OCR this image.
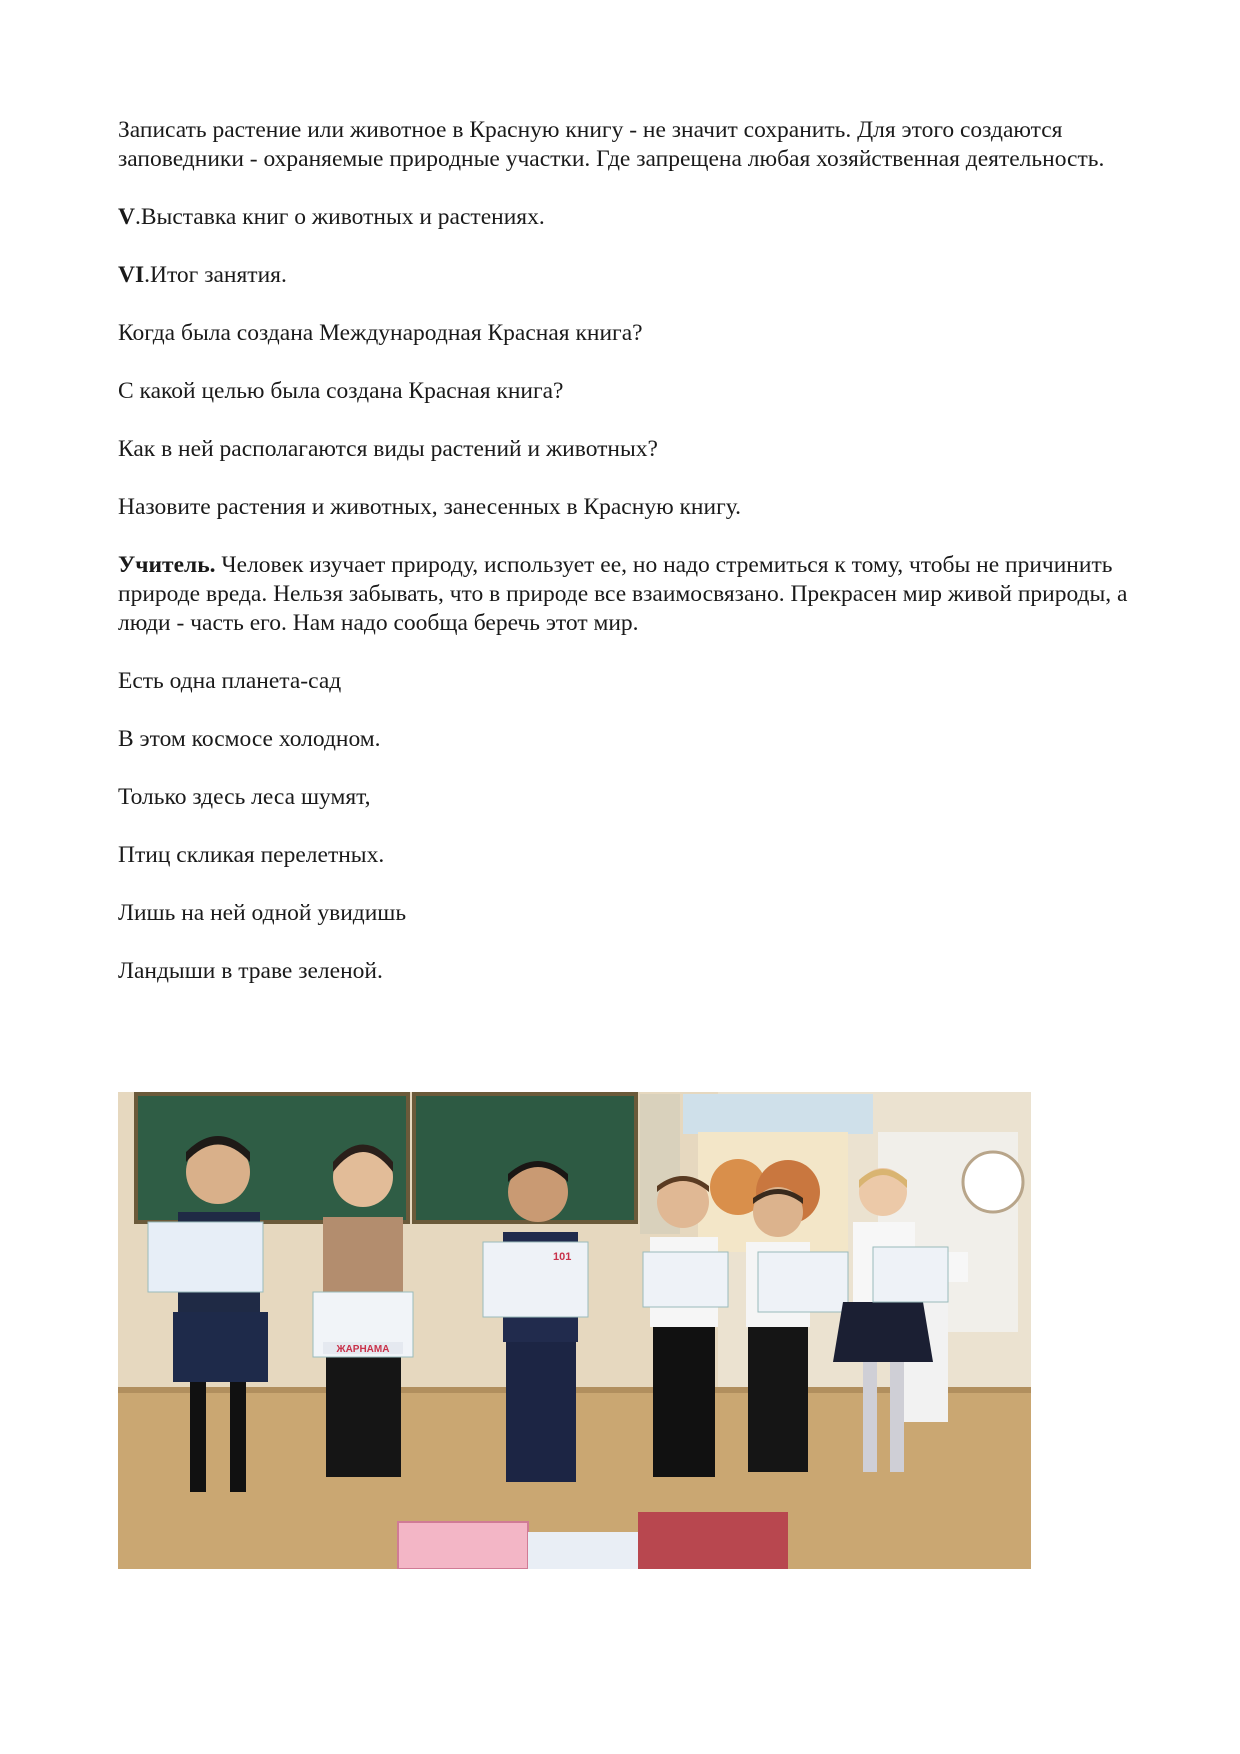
Записать растение или животное в Красную книгу - не значит сохранить. Для этого создаются заповедники - охраняемые природные участки. Где запрещена любая хозяйственная деятельность.

V.Выставка книг о животных и растениях.

VI.Итог занятия.

Когда была создана Международная Красная книга?

С какой целью была создана Красная книга?

Как в ней располагаются виды растений и животных?

Назовите растения и животных, занесенных в Красную книгу.

Учитель. Человек изучает природу, использует ее, но надо стремиться к тому, чтобы не причинить природе вреда. Нельзя забывать, что в природе все взаимосвязано. Прекрасен мир живой природы, а люди - часть его. Нам надо сообща беречь этот мир.

Есть одна планета-сад

В этом космосе холодном.

Только здесь леса шумят,

Птиц скликая перелетных.

Лишь на ней одной увидишь

Ландыши в траве зеленой.

ЖАРНАМА
101
